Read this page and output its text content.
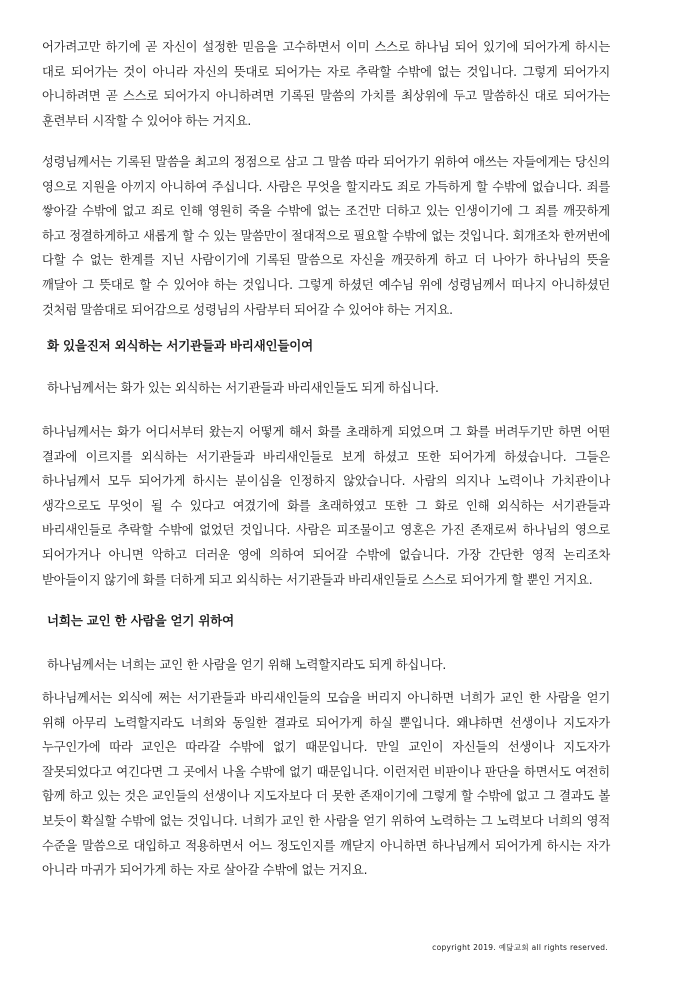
어가려고만 하기에 곧 자신이 설정한 믿음을 고수하면서 이미 스스로 하나님 되어 있기에 되어가게 하시는 대로 되어가는 것이 아니라 자신의 뜻대로 되어가는 자로 추락할 수밖에 없는 것입니다. 그렇게 되어가지 아니하려면 곧 스스로 되어가지 아니하려면 기록된 말씀의 가치를 최상위에 두고 말씀하신 대로 되어가는 훈련부터 시작할 수 있어야 하는 거지요.

성령님께서는 기록된 말씀을 최고의 정점으로 삼고 그 말씀 따라 되어가기 위하여 애쓰는 자들에게는 당신의 영으로 지원을 아끼지 아니하여 주십니다. 사람은 무엇을 할지라도 죄로 가득하게 할 수밖에 없습니다. 죄를 쌓아갈 수밖에 없고 죄로 인해 영원히 죽을 수밖에 없는 조건만 더하고 있는 인생이기에 그 죄를 깨끗하게 하고 정결하게하고 새롭게 할 수 있는 말씀만이 절대적으로 필요할 수밖에 없는 것입니다. 회개조차 한꺼번에 다할 수 없는 한계를 지닌 사람이기에 기록된 말씀으로 자신을 깨끗하게 하고 더 나아가 하나님의 뜻을 깨달아 그 뜻대로 할 수 있어야 하는 것입니다. 그렇게 하셨던 예수님 위에 성령님께서 떠나지 아니하셨던 것처럼 말씀대로 되어감으로 성령님의 사람부터 되어갈 수 있어야 하는 거지요.

화 있을진저 외식하는 서기관들과 바리새인들이여

하나님께서는 화가 있는 외식하는 서기관들과 바리새인들도 되게 하십니다.

하나님께서는 화가 어디서부터 왔는지 어떻게 해서 화를 초래하게 되었으며 그 화를 버려두기만 하면 어떤 결과에 이르지를 외식하는 서기관들과 바리새인들로 보게 하셨고 또한 되어가게 하셨습니다. 그들은 하나님께서 모두 되어가게 하시는 분이심을 인정하지 않았습니다. 사람의 의지나 노력이나 가치관이나 생각으로도 무엇이 될 수 있다고 여겼기에 화를 초래하였고 또한 그 화로 인해 외식하는 서기관들과 바리새인들로 추락할 수밖에 없었던 것입니다. 사람은 피조물이고 영혼은 가진 존재로써 하나님의 영으로 되어가거나 아니면 악하고 더러운 영에 의하여 되어갈 수밖에 없습니다. 가장 간단한 영적 논리조차 받아들이지 않기에 화를 더하게 되고 외식하는 서기관들과 바리새인들로 스스로 되어가게 할 뿐인 거지요.

너희는 교인 한 사람을 얻기 위하여

하나님께서는 너희는 교인 한 사람을 얻기 위해 노력할지라도 되게 하십니다.

하나님께서는 외식에 쩌는 서기관들과 바리새인들의 모습을 버리지 아니하면 너희가 교인 한 사람을 얻기 위해 아무리 노력할지라도 너희와 동일한 결과로 되어가게 하실 뿐입니다. 왜냐하면 선생이나 지도자가 누구인가에 따라 교인은 따라갈 수밖에 없기 때문입니다. 만일 교인이 자신들의 선생이나 지도자가 잘못되었다고 여긴다면 그 곳에서 나올 수밖에 없기 때문입니다. 이런저런 비판이나 판단을 하면서도 여전히 함께 하고 있는 것은 교인들의 선생이나 지도자보다 더 못한 존재이기에 그렇게 할 수밖에 없고 그 결과도 볼 보듯이 확실할 수밖에 없는 것입니다. 너희가 교인 한 사람을 얻기 위하여 노력하는 그 노력보다 너희의 영적 수준을 말씀으로 대입하고 적용하면서 어느 정도인지를 깨닫지 아니하면 하나님께서 되어가게 하시는 자가 아니라 마귀가 되어가게 하는 자로 살아갈 수밖에 없는 거지요.

copyright 2019. 예닮교회 all rights reserved.
